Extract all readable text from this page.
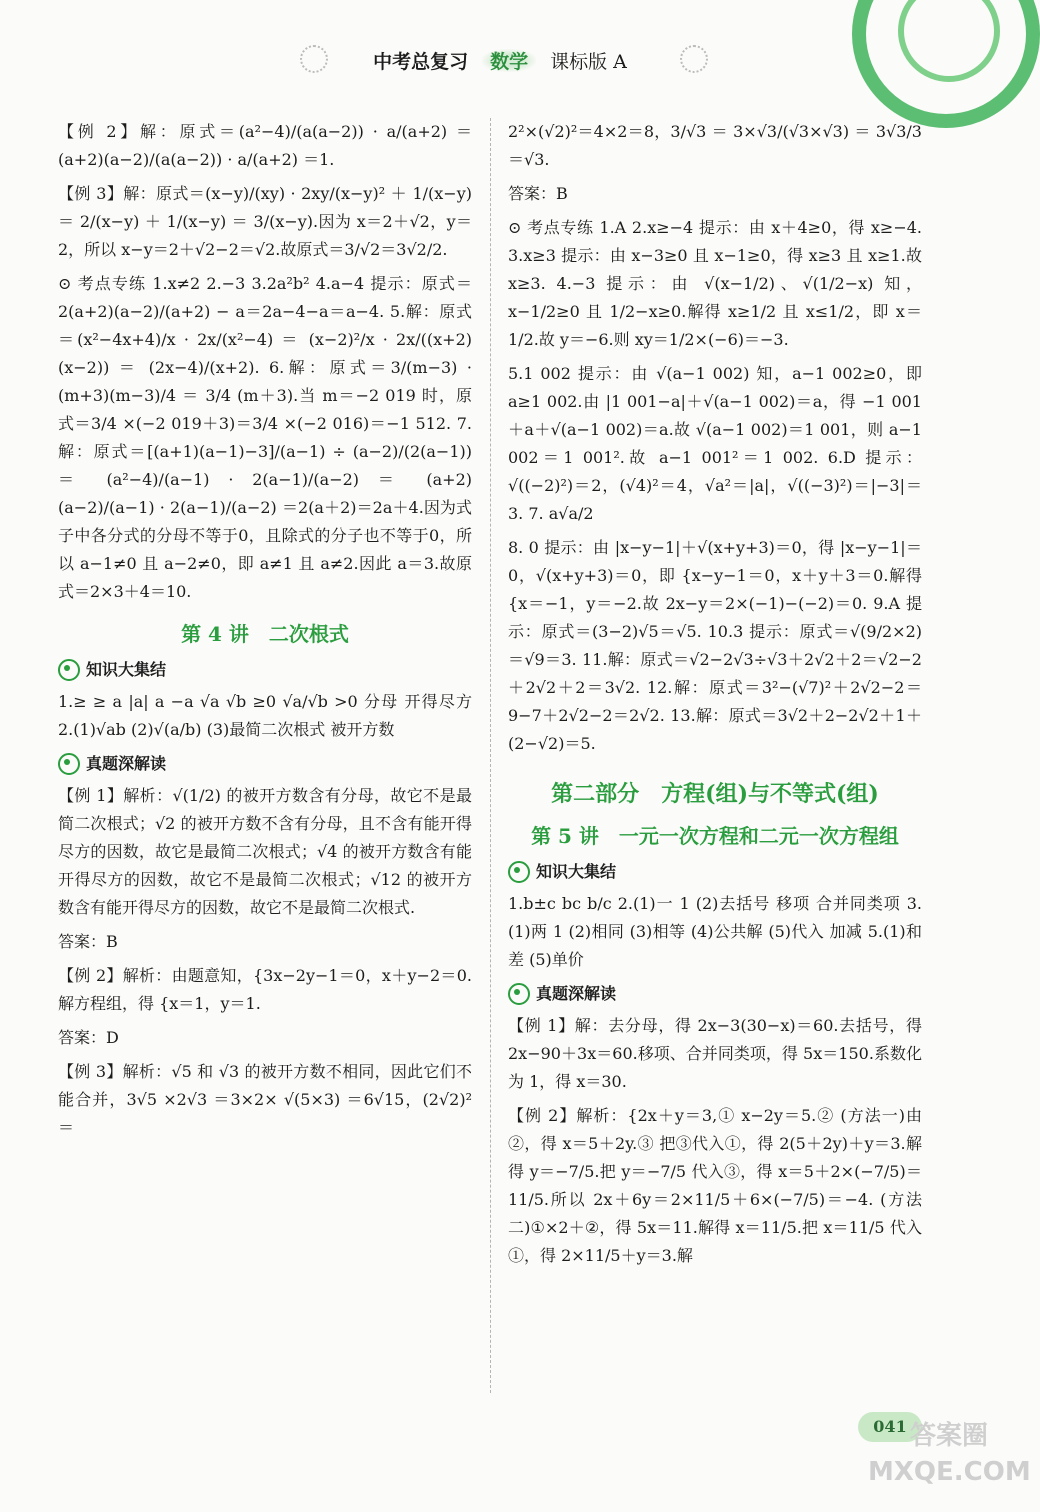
中考总复习	数学	课标版 A

【例 2】解：原式＝(a²−4)/(a(a−2)) · a/(a+2) ＝ (a+2)(a−2)/(a(a−2)) · a/(a+2) ＝1.

【例 3】解：原式＝(x−y)/(xy) · 2xy/(x−y)² ＋ 1/(x−y) ＝ 2/(x−y) ＋ 1/(x−y) ＝ 3/(x−y).因为 x＝2＋√2，y＝2，所以 x−y＝2＋√2−2＝√2.故原式＝3/√2＝3√2/2.

⊙ 考点专练 1.x≠2 2.−3 3.2a²b² 4.a−4 提示：原式＝2(a+2)(a−2)/(a+2) − a＝2a−4−a＝a−4. 5.解：原式＝(x²−4x+4)/x · 2x/(x²−4) ＝ (x−2)²/x · 2x/((x+2)(x−2)) ＝ (2x−4)/(x+2). 6.解：原式＝3/(m−3) · (m+3)(m−3)/4 ＝ 3/4 (m＋3).当 m＝−2 019 时，原式＝3/4 ×(−2 019＋3)＝3/4 ×(−2 016)＝−1 512. 7.解：原式＝[(a+1)(a−1)−3]/(a−1) ÷ (a−2)/(2(a−1)) ＝ (a²−4)/(a−1) · 2(a−1)/(a−2) ＝ (a+2)(a−2)/(a−1) · 2(a−1)/(a−2) ＝2(a＋2)＝2a＋4.因为式子中各分式的分母不等于0，且除式的分子也不等于0，所以 a−1≠0 且 a−2≠0，即 a≠1 且 a≠2.因此 a＝3.故原式＝2×3＋4＝10.

第 4 讲　二次根式
知识大集结

1.≥ ≥ a |a| a −a √a √b ≥0 √a/√b >0 分母 开得尽方 2.(1)√ab (2)√(a/b) (3)最简二次根式 被开方数

真题深解读

【例 1】解析：√(1/2) 的被开方数含有分母，故它不是最简二次根式；√2 的被开方数不含有分母，且不含有能开得尽方的因数，故它是最简二次根式；√4 的被开方数含有能开得尽方的因数，故它不是最简二次根式；√12 的被开方数含有能开得尽方的因数，故它不是最简二次根式.

答案：B

【例 2】解析：由题意知，{3x−2y−1＝0，x＋y−2＝0.解方程组，得 {x＝1，y＝1.

答案：D

【例 3】解析：√5 和 √3 的被开方数不相同，因此它们不能合并，3√5 ×2√3 ＝3×2× √(5×3) ＝6√15，(2√2)²＝

2²×(√2)²＝4×2＝8，3/√3 ＝ 3×√3/(√3×√3) ＝ 3√3/3 ＝√3.

答案：B

⊙ 考点专练 1.A 2.x≥−4 提示：由 x＋4≥0，得 x≥−4. 3.x≥3 提示：由 x−3≥0 且 x−1≥0，得 x≥3 且 x≥1.故 x≥3. 4.−3 提示：由 √(x−1/2)、√(1/2−x) 知，x−1/2≥0 且 1/2−x≥0.解得 x≥1/2 且 x≤1/2，即 x＝1/2.故 y＝−6.则 xy＝1/2×(−6)＝−3.

5.1 002 提示：由 √(a−1 002) 知，a−1 002≥0，即 a≥1 002.由 |1 001−a|＋√(a−1 002)＝a，得 −1 001＋a＋√(a−1 002)＝a.故 √(a−1 002)＝1 001，则 a−1 002＝1 001².故 a−1 001²＝1 002. 6.D 提示：√((−2)²)＝2，(√4)²＝4，√a²＝|a|，√((−3)²)＝|−3|＝3. 7. a√a/2

8. 0 提示：由 |x−y−1|＋√(x+y+3)＝0，得 |x−y−1|＝0，√(x+y+3)＝0，即 {x−y−1＝0，x＋y＋3＝0.解得 {x＝−1，y＝−2.故 2x−y＝2×(−1)−(−2)＝0. 9.A 提示：原式＝(3−2)√5＝√5. 10.3 提示：原式＝√(9/2×2)＝√9＝3. 11.解：原式＝√2−2√3÷√3＋2√2＋2＝√2−2＋2√2＋2＝3√2. 12.解：原式＝3²−(√7)²＋2√2−2＝9−7＋2√2−2＝2√2. 13.解：原式＝3√2＋2−2√2＋1＋(2−√2)＝5.

第二部分　方程(组)与不等式(组)
第 5 讲　一元一次方程和二元一次方程组
知识大集结

1.b±c bc b/c 2.(1)一 1 (2)去括号 移项 合并同类项 3.(1)两 1 (2)相同 (3)相等 (4)公共解 (5)代入 加减 5.(1)和 差 (5)单价

真题深解读

【例 1】解：去分母，得 2x−3(30−x)＝60.去括号，得 2x−90＋3x＝60.移项、合并同类项，得 5x＝150.系数化为 1，得 x＝30.

【例 2】解析：{2x＋y＝3,① x−2y＝5.② (方法一)由②，得 x＝5＋2y.③ 把③代入①，得 2(5＋2y)＋y＝3.解得 y＝−7/5.把 y＝−7/5 代入③，得 x＝5＋2×(−7/5)＝11/5.所以 2x＋6y＝2×11/5＋6×(−7/5)＝−4. (方法二)①×2＋②，得 5x＝11.解得 x＝11/5.把 x＝11/5 代入①，得 2×11/5＋y＝3.解

041 答案圈 MXQE.COM
